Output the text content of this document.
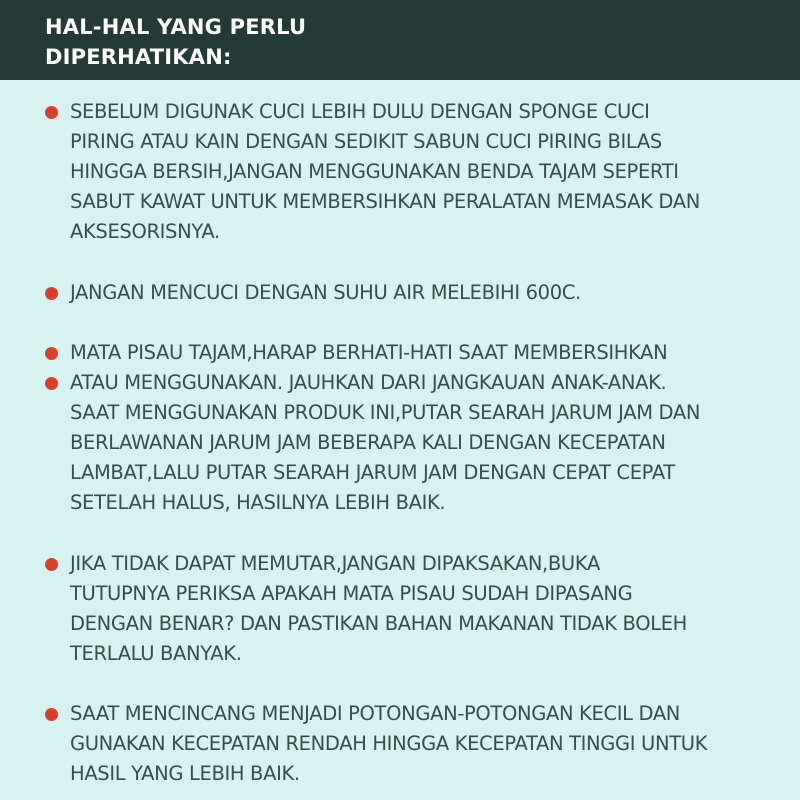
HAL-HAL YANG PERLU
DIPERHATIKAN:
SEBELUM DIGUNAK CUCI LEBIH DULU DENGAN SPONGE CUCI
PIRING ATAU KAIN DENGAN SEDIKIT SABUN CUCI PIRING BILAS
HINGGA BERSIH,JANGAN MENGGUNAKAN BENDA TAJAM SEPERTI
SABUT KAWAT UNTUK MEMBERSIHKAN PERALATAN MEMASAK DAN
AKSESORISNYA.
JANGAN MENCUCI DENGAN SUHU AIR MELEBIHI 600C.
MATA PISAU TAJAM,HARAP BERHATI-HATI SAAT MEMBERSIHKAN
ATAU MENGGUNAKAN. JAUHKAN DARI JANGKAUAN ANAK-ANAK.
SAAT MENGGUNAKAN PRODUK INI,PUTAR SEARAH JARUM JAM DAN
BERLAWANAN JARUM JAM BEBERAPA KALI DENGAN KECEPATAN
LAMBAT,LALU PUTAR SEARAH JARUM JAM DENGAN CEPAT CEPAT
SETELAH HALUS, HASILNYA LEBIH BAIK.
JIKA TIDAK DAPAT MEMUTAR,JANGAN DIPAKSAKAN,BUKA
TUTUPNYA PERIKSA APAKAH MATA PISAU SUDAH DIPASANG
DENGAN BENAR? DAN PASTIKAN BAHAN MAKANAN TIDAK BOLEH
TERLALU BANYAK.
SAAT MENCINCANG MENJADI POTONGAN-POTONGAN KECIL DAN
GUNAKAN KECEPATAN RENDAH HINGGA KECEPATAN TINGGI UNTUK
HASIL YANG LEBIH BAIK.
